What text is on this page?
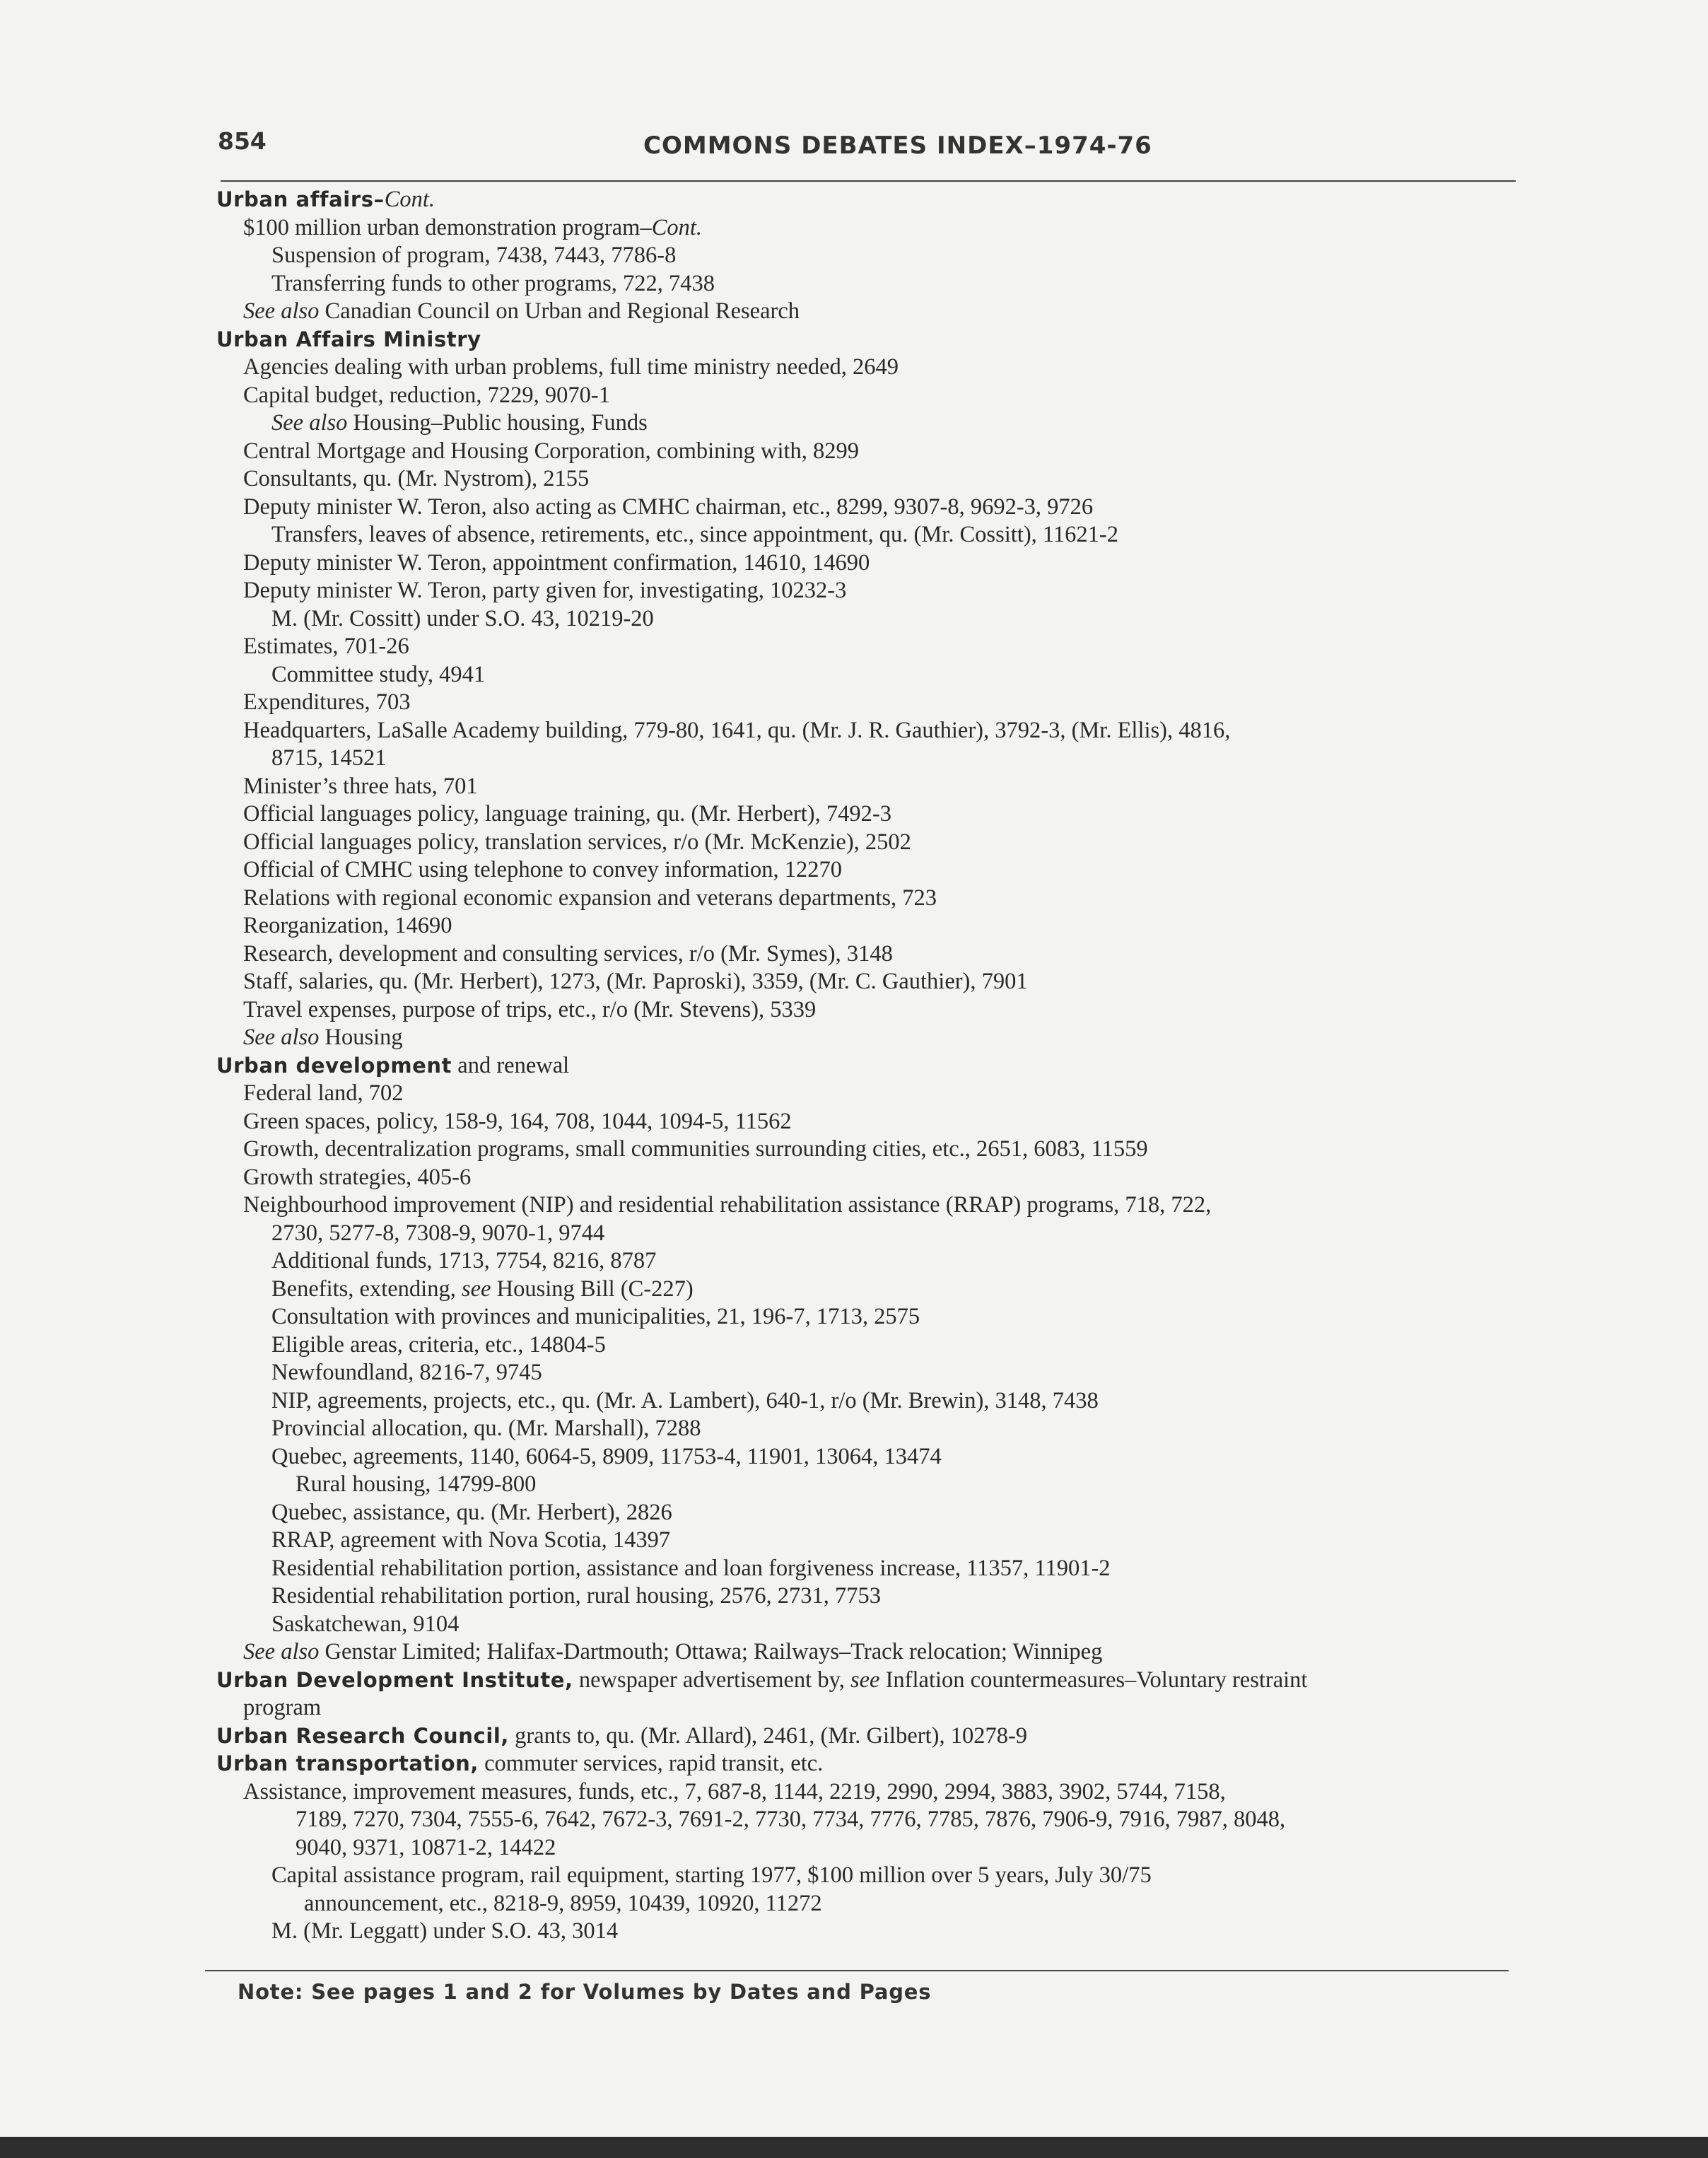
854	COMMONS DEBATES INDEX–1974-76
Urban affairs–Cont.
$100 million urban demonstration program–Cont.
Suspension of program, 7438, 7443, 7786-8
Transferring funds to other programs, 722, 7438
See also Canadian Council on Urban and Regional Research
Urban Affairs Ministry
Agencies dealing with urban problems, full time ministry needed, 2649
Capital budget, reduction, 7229, 9070-1
See also Housing–Public housing, Funds
Central Mortgage and Housing Corporation, combining with, 8299
Consultants, qu. (Mr. Nystrom), 2155
Deputy minister W. Teron, also acting as CMHC chairman, etc., 8299, 9307-8, 9692-3, 9726
Transfers, leaves of absence, retirements, etc., since appointment, qu. (Mr. Cossitt), 11621-2
Deputy minister W. Teron, appointment confirmation, 14610, 14690
Deputy minister W. Teron, party given for, investigating, 10232-3
M. (Mr. Cossitt) under S.O. 43, 10219-20
Estimates, 701-26
Committee study, 4941
Expenditures, 703
Headquarters, LaSalle Academy building, 779-80, 1641, qu. (Mr. J. R. Gauthier), 3792-3, (Mr. Ellis), 4816,
8715, 14521
Minister’s three hats, 701
Official languages policy, language training, qu. (Mr. Herbert), 7492-3
Official languages policy, translation services, r/o (Mr. McKenzie), 2502
Official of CMHC using telephone to convey information, 12270
Relations with regional economic expansion and veterans departments, 723
Reorganization, 14690
Research, development and consulting services, r/o (Mr. Symes), 3148
Staff, salaries, qu. (Mr. Herbert), 1273, (Mr. Paproski), 3359, (Mr. C. Gauthier), 7901
Travel expenses, purpose of trips, etc., r/o (Mr. Stevens), 5339
See also Housing
Urban development and renewal
Federal land, 702
Green spaces, policy, 158-9, 164, 708, 1044, 1094-5, 11562
Growth, decentralization programs, small communities surrounding cities, etc., 2651, 6083, 11559
Growth strategies, 405-6
Neighbourhood improvement (NIP) and residential rehabilitation assistance (RRAP) programs, 718, 722,
2730, 5277-8, 7308-9, 9070-1, 9744
Additional funds, 1713, 7754, 8216, 8787
Benefits, extending, see Housing Bill (C-227)
Consultation with provinces and municipalities, 21, 196-7, 1713, 2575
Eligible areas, criteria, etc., 14804-5
Newfoundland, 8216-7, 9745
NIP, agreements, projects, etc., qu. (Mr. A. Lambert), 640-1, r/o (Mr. Brewin), 3148, 7438
Provincial allocation, qu. (Mr. Marshall), 7288
Quebec, agreements, 1140, 6064-5, 8909, 11753-4, 11901, 13064, 13474
Rural housing, 14799-800
Quebec, assistance, qu. (Mr. Herbert), 2826
RRAP, agreement with Nova Scotia, 14397
Residential rehabilitation portion, assistance and loan forgiveness increase, 11357, 11901-2
Residential rehabilitation portion, rural housing, 2576, 2731, 7753
Saskatchewan, 9104
See also Genstar Limited; Halifax-Dartmouth; Ottawa; Railways–Track relocation; Winnipeg
Urban Development Institute, newspaper advertisement by, see Inflation countermeasures–Voluntary restraint
program
Urban Research Council, grants to, qu. (Mr. Allard), 2461, (Mr. Gilbert), 10278-9
Urban transportation, commuter services, rapid transit, etc.
Assistance, improvement measures, funds, etc., 7, 687-8, 1144, 2219, 2990, 2994, 3883, 3902, 5744, 7158,
7189, 7270, 7304, 7555-6, 7642, 7672-3, 7691-2, 7730, 7734, 7776, 7785, 7876, 7906-9, 7916, 7987, 8048,
9040, 9371, 10871-2, 14422
Capital assistance program, rail equipment, starting 1977, $100 million over 5 years, July 30/75
announcement, etc., 8218-9, 8959, 10439, 10920, 11272
M. (Mr. Leggatt) under S.O. 43, 3014
Note: See pages 1 and 2 for Volumes by Dates and Pages
